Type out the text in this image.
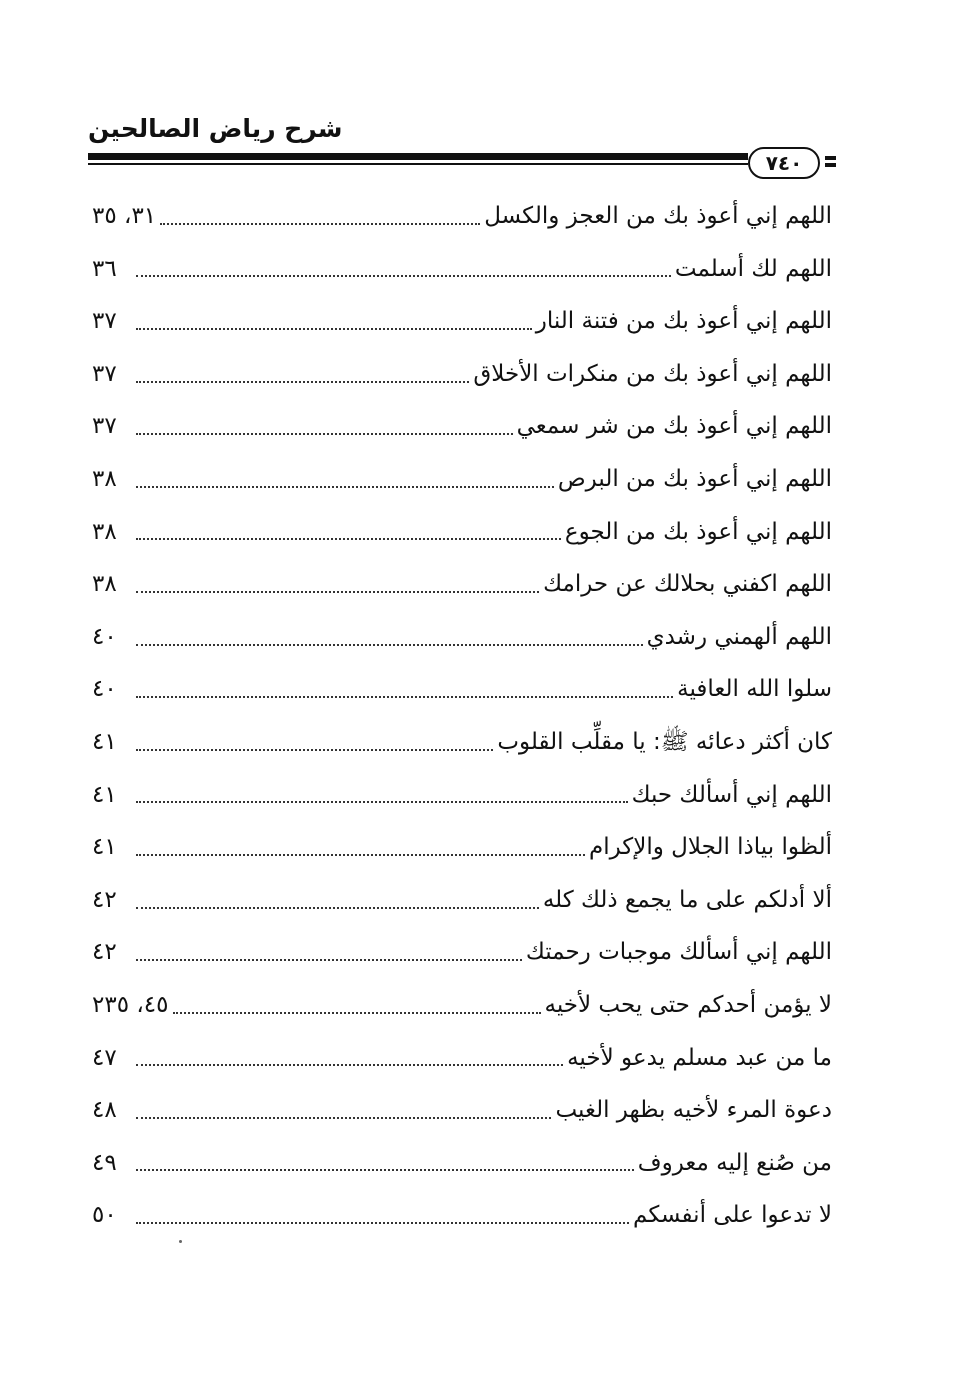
شرح رياض الصالحين
٧٤٠
اللهم إني أعوذ بك من العجز والكسل
٣١، ٣٥
اللهم لك أسلمت
٣٦
اللهم إني أعوذ بك من فتنة النار
٣٧
اللهم إني أعوذ بك من منكرات الأخلاق
٣٧
اللهم إني أعوذ بك من شر سمعي
٣٧
اللهم إني أعوذ بك من البرص
٣٨
اللهم إني أعوذ بك من الجوع
٣٨
اللهم اكفني بحلالك عن حرامك
٣٨
اللهم ألهمني رشدي
٤٠
سلوا الله العافية
٤٠
كان أكثر دعائه ﷺ: يا مقلِّب القلوب
٤١
اللهم إني أسألك حبك
٤١
ألظوا بياذا الجلال والإكرام
٤١
ألا أدلكم على ما يجمع ذلك كله
٤٢
اللهم إني أسألك موجبات رحمتك
٤٢
لا يؤمن أحدكم حتى يحب لأخيه
٤٥، ٢٣٥
ما من عبد مسلم يدعو لأخيه
٤٧
دعوة المرء لأخيه بظهر الغيب
٤٨
من صُنع إليه معروف
٤٩
لا تدعوا على أنفسكم
٥٠
